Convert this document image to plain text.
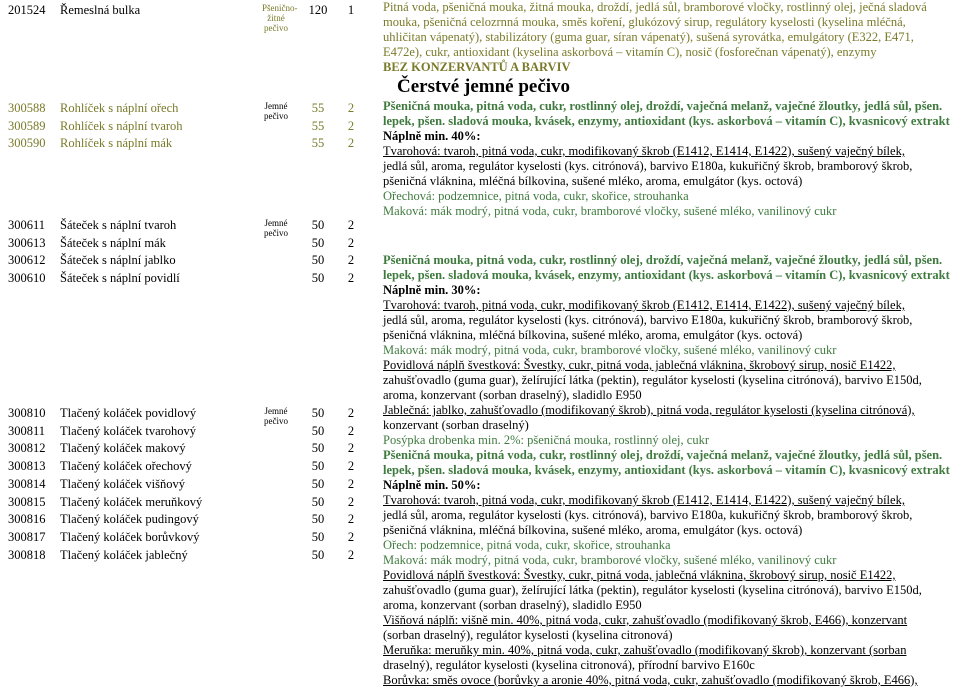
Pšenično-žitné pečivo
201524 Řemeslná bulka	120 1
Jemné pečivo
300588 Rohlíček s náplní ořech	55	2
300589 Rohlíček s náplní tvaroh	55	2
300590 Rohlíček s náplní mák	55	2
Jemné pečivo
300611 Šáteček s náplní tvaroh	50	2
300613 Šáteček s náplní mák	50	2
300612 Šáteček s náplní jablko	50	2
300610 Šáteček s náplní povidlí	50	2
Jemné pečivo
300810 Tlačený koláček povidlový	50	2
300811 Tlačený koláček tvarohový	50	2
300812 Tlačený koláček makový	50	2
300813 Tlačený koláček ořechový	50	2
300814 Tlačený koláček višňový	50	2
300815 Tlačený koláček meruňkový	50	2
300816 Tlačený koláček pudingový	50	2
300817 Tlačený koláček borůvkový	50	2
300818 Tlačený koláček jablečný	50	2

Pitná voda, pšeničná mouka, žitná mouka, droždí, jedlá sůl, bramborové vločky, rostlinný olej, ječná sladová

mouka, pšeničná celozrnná mouka, směs koření, glukózový sirup, regulátory kyselosti (kyselina mléčná,

uhličitan vápenatý), stabilizátory (guma guar, síran vápenatý), sušená syrovátka, emulgátory (E322, E471,

E472e), cukr, antioxidant (kyselina askorbová – vitamín C), nosič (fosforečnan vápenatý), enzymy

BEZ KONZERVANTŮ A BARVIV

Čerstvé jemné pečivo

Pšeničná mouka, pitná voda, cukr, rostlinný olej, droždí, vaječná melanž, vaječné žloutky, jedlá sůl, pšen.

lepek, pšen. sladová mouka, kvásek, enzymy, antioxidant (kys. askorbová – vitamín C), kvasnicový extrakt

Náplně min. 40%:

Tvarohová: tvaroh, pitná voda, cukr, modifikovaný škrob (E1412, E1414, E1422), sušený vaječný bílek,

jedlá sůl, aroma, regulátor kyselosti (kys. citrónová), barvivo E180a, kukuřičný škrob, bramborový škrob,

pšeničná vláknina, mléčná bílkovina, sušené mléko, aroma, emulgátor (kys. octová)

Ořechová: podzemnice, pitná voda, cukr, skořice, strouhanka

Maková: mák modrý, pitná voda, cukr, bramborové vločky, sušené mléko, vanilinový cukr

Pšeničná mouka, pitná voda, cukr, rostlinný olej, droždí, vaječná melanž, vaječné žloutky, jedlá sůl, pšen.

lepek, pšen. sladová mouka, kvásek, enzymy, antioxidant (kys. askorbová – vitamín C), kvasnicový extrakt

Náplně min. 30%:

Tvarohová: tvaroh, pitná voda, cukr, modifikovaný škrob (E1412, E1414, E1422), sušený vaječný bílek,

jedlá sůl, aroma, regulátor kyselosti (kys. citrónová), barvivo E180a, kukuřičný škrob, bramborový škrob,

pšeničná vláknina, mléčná bílkovina, sušené mléko, aroma, emulgátor (kys. octová)

Maková: mák modrý, pitná voda, cukr, bramborové vločky, sušené mléko, vanilinový cukr

Povidlová náplň švestková: Švestky, cukr, pitná voda, jablečná vláknina, škrobový sirup, nosič E1422,

zahušťovadlo (guma guar), želírující látka (pektin), regulátor kyselosti (kyselina citrónová), barvivo E150d,

aroma, konzervant (sorban draselný), sladidlo E950

Jablečná: jablko, zahušťovadlo (modifikovaný škrob), pitná voda, regulátor kyselosti (kyselina citrónová),

konzervant (sorban draselný)

Posýpka drobenka min. 2%: pšeničná mouka, rostlinný olej, cukr

Pšeničná mouka, pitná voda, cukr, rostlinný olej, droždí, vaječná melanž, vaječné žloutky, jedlá sůl, pšen.

lepek, pšen. sladová mouka, kvásek, enzymy, antioxidant (kys. askorbová – vitamín C), kvasnicový extrakt

Náplně min. 50%:

Tvarohová: tvaroh, pitná voda, cukr, modifikovaný škrob (E1412, E1414, E1422), sušený vaječný bílek,

jedlá sůl, aroma, regulátor kyselosti (kys. citrónová), barvivo E180a, kukuřičný škrob, bramborový škrob,

pšeničná vláknina, mléčná bílkovina, sušené mléko, aroma, emulgátor (kys. octová)

Ořech: podzemnice, pitná voda, cukr, skořice, strouhanka

Maková: mák modrý, pitná voda, cukr, bramborové vločky, sušené mléko, vanilinový cukr

Povidlová náplň švestková: Švestky, cukr, pitná voda, jablečná vláknina, škrobový sirup, nosič E1422,

zahušťovadlo (guma guar), želírující látka (pektin), regulátor kyselosti (kyselina citrónová), barvivo E150d,

aroma, konzervant (sorban draselný), sladidlo E950

Višňová náplň: višně min. 40%, pitná voda, cukr, zahušťovadlo (modifikovaný škrob, E466), konzervant

(sorban draselný), regulátor kyselosti (kyselina citronová)

Meruňka: meruňky min. 40%, pitná voda, cukr, zahušťovadlo (modifikovaný škrob), konzervant (sorban

draselný), regulátor kyselosti (kyselina citronová), přírodní barvivo E160c

Borůvka: směs ovoce (borůvky a aronie 40%, pitná voda, cukr, zahušťovadlo (modifikovaný škrob, E466),
